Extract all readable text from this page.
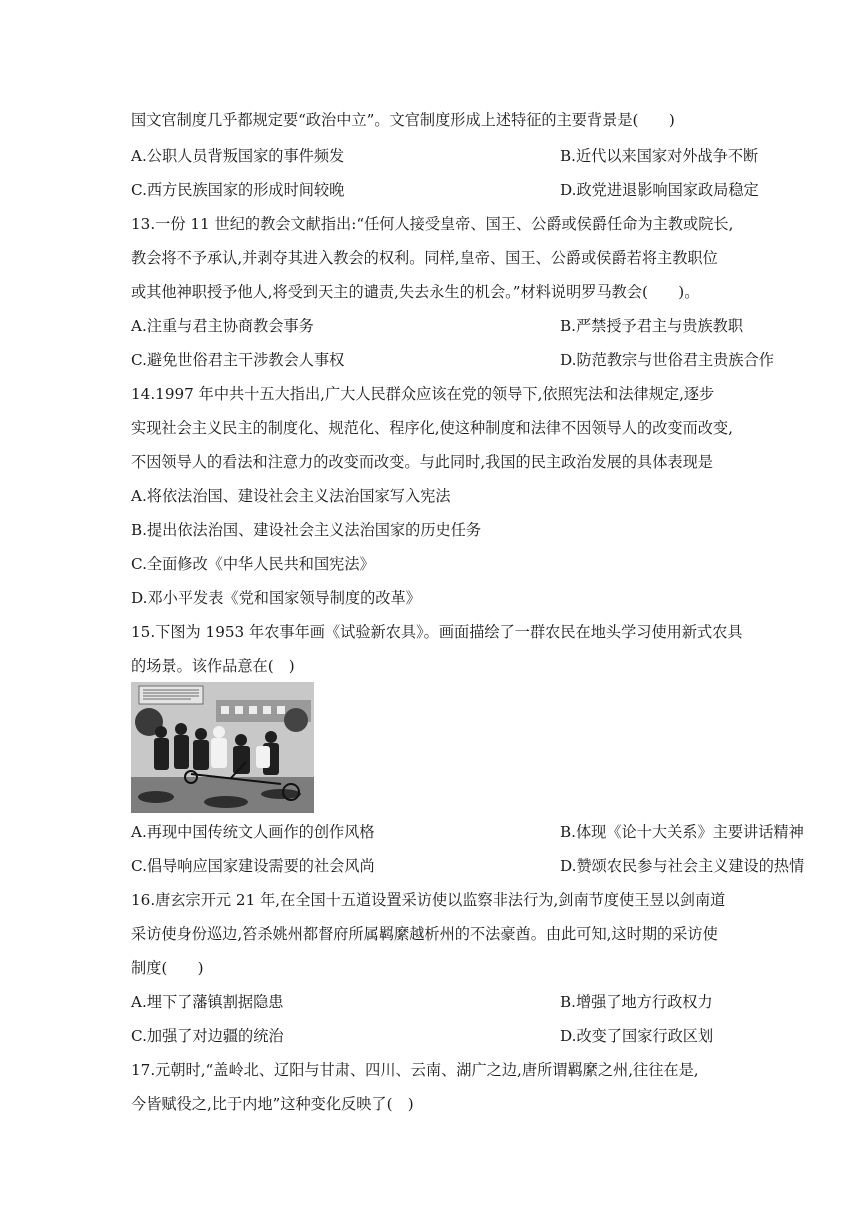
国文官制度几乎都规定要“政治中立”。文官制度形成上述特征的主要背景是(　　)
A.公职人员背叛国家的事件频发	B.近代以来国家对外战争不断
C.西方民族国家的形成时间较晚	D.政党进退影响国家政局稳定
13.一份 11 世纪的教会文献指出:“任何人接受皇帝、国王、公爵或侯爵任命为主教或院长,
教会将不予承认,并剥夺其进入教会的权利。同样,皇帝、国王、公爵或侯爵若将主教职位
或其他神职授予他人,将受到天主的谴责,失去永生的机会。”材料说明罗马教会(　　)。
A.注重与君主协商教会事务	B.严禁授予君主与贵族教职
C.避免世俗君主干涉教会人事权	D.防范教宗与世俗君主贵族合作
14.1997 年中共十五大指出,广大人民群众应该在党的领导下,依照宪法和法律规定,逐步
实现社会主义民主的制度化、规范化、程序化,使这种制度和法律不因领导人的改变而改变,
不因领导人的看法和注意力的改变而改变。与此同时,我国的民主政治发展的具体表现是
A.将依法治国、建设社会主义法治国家写入宪法
B.提出依法治国、建设社会主义法治国家的历史任务
C.全面修改《中华人民共和国宪法》
D.邓小平发表《党和国家领导制度的改革》
15.下图为 1953 年农事年画《试验新农具》。画面描绘了一群农民在地头学习使用新式农具
的场景。该作品意在(　)
A.再现中国传统文人画作的创作风格	B.体现《论十大关系》主要讲话精神
C.倡导响应国家建设需要的社会风尚	D.赞颂农民参与社会主义建设的热情
16.唐玄宗开元 21 年,在全国十五道设置采访使以监察非法行为,剑南节度使王昱以剑南道
采访使身份巡边,笞杀姚州都督府所属羁縻越析州的不法豪酋。由此可知,这时期的采访使
制度(　　)
A.埋下了藩镇割据隐患	B.增强了地方行政权力
C.加强了对边疆的统治	D.改变了国家行政区划
17.元朝时,“盖岭北、辽阳与甘肃、四川、云南、湖广之边,唐所谓羁縻之州,往往在是,
今皆赋役之,比于内地”这种变化反映了(　)
